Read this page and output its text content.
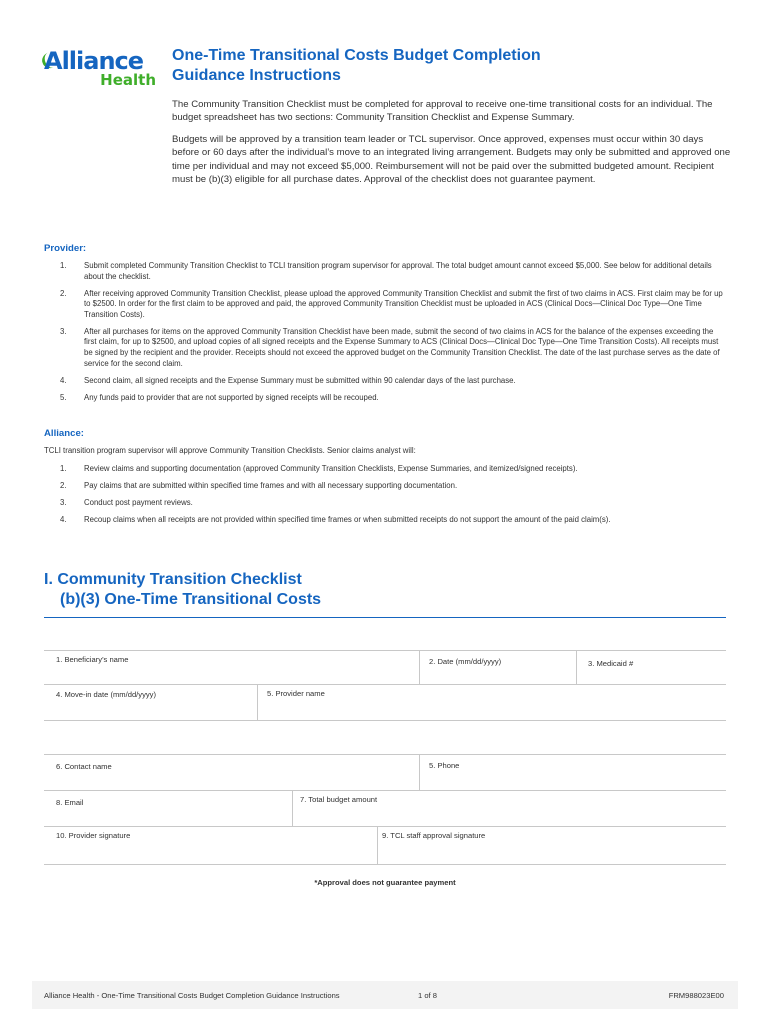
Alliance
Health
One-Time Transitional Costs Budget Completion
Guidance Instructions

The Community Transition Checklist must be completed for approval to receive one-time transitional costs for an individual. The budget spreadsheet has two sections: Community Transition Checklist and Expense Summary.

Budgets will be approved by a transition team leader or TCL supervisor. Once approved, expenses must occur within 30 days before or 60 days after the individual’s move to an integrated living arrangement. Budgets may only be submitted and approved one time per individual and may not exceed $5,000. Reimbursement will not be paid over the submitted budgeted amount. Recipient must be (b)(3) eligible for all purchase dates. Approval of the checklist does not guarantee payment.

Provider:
1. Submit completed Community Transition Checklist to TCLI transition program supervisor for approval. The total budget amount cannot exceed $5,000. See below for additional details about the checklist.
2. After receiving approved Community Transition Checklist, please upload the approved Community Transition Checklist and submit the first of two claims in ACS. First claim may be for up to $2500. In order for the first claim to be approved and paid, the approved Community Transition Checklist must be uploaded in ACS (Clinical Docs—Clinical Doc Type—One Time Transition Costs).
3. After all purchases for items on the approved Community Transition Checklist have been made, submit the second of two claims in ACS for the balance of the expenses exceeding the first claim, for up to $2500, and upload copies of all signed receipts and the Expense Summary to ACS (Clinical Docs—Clinical Doc Type—One Time Transition Costs). All receipts must be signed by the recipient and the provider. Receipts should not exceed the approved budget on the Community Transition Checklist. The date of the last purchase serves as the date of service for the second claim.
4. Second claim, all signed receipts and the Expense Summary must be submitted within 90 calendar days of the last purchase.
5. Any funds paid to provider that are not supported by signed receipts will be recouped.
Alliance:
TCLI transition program supervisor will approve Community Transition Checklists. Senior claims analyst will:
1. Review claims and supporting documentation (approved Community Transition Checklists, Expense Summaries, and itemized/signed receipts).
2. Pay claims that are submitted within specified time frames and with all necessary supporting documentation.
3. Conduct post payment reviews.
4. Recoup claims when all receipts are not provided within specified time frames or when submitted receipts do not support the amount of the paid claim(s).
I. Community Transition Checklist
(b)(3) One-Time Transitional Costs
1. Beneficiary’s name	2. Date (mm/dd/yyyy)	3. Medicaid #
4. Move-in date (mm/dd/yyyy)	5. Provider name
6. Contact name	5. Phone
8. Email	7. Total budget amount
10. Provider signature	9. TCL staff approval signature
*Approval does not guarantee payment
Alliance Health - One-Time Transitional Costs Budget Completion Guidance Instructions	1 of 8	FRM988023E00
